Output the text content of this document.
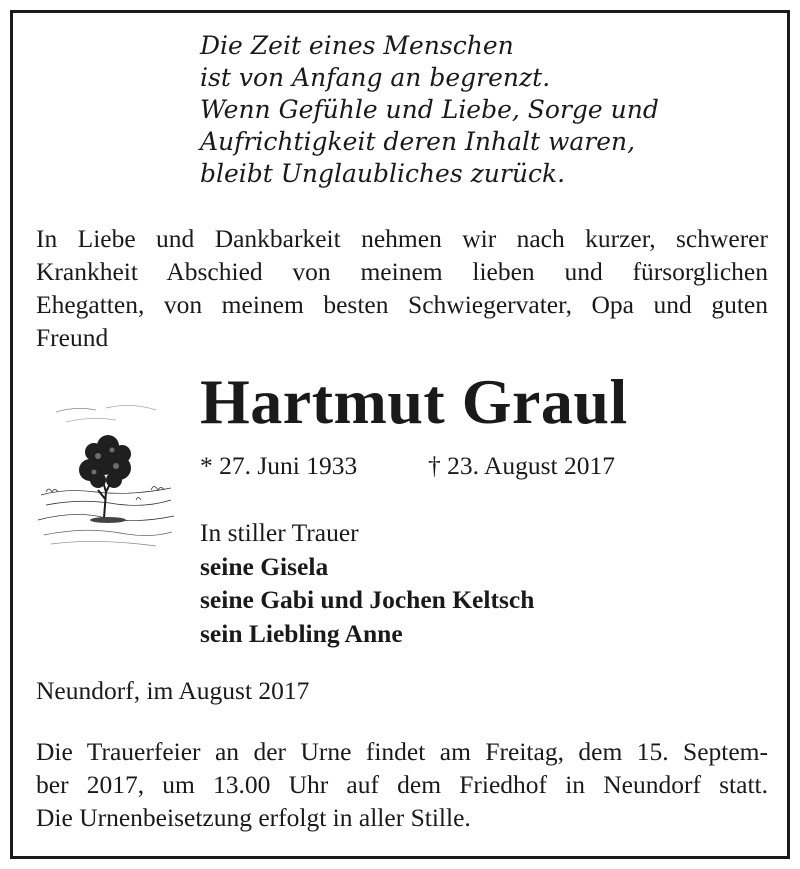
Die Zeit eines Menschen
ist von Anfang an begrenzt.
Wenn Gefühle und Liebe, Sorge und
Aufrichtigkeit deren Inhalt waren,
bleibt Unglaubliches zurück.
In Liebe und Dankbarkeit nehmen wir nach kurzer, schwerer
Krankheit Abschied von meinem lieben und fürsorglichen
Ehegatten, von meinem besten Schwiegervater, Opa und guten
Freund
Hartmut Graul
* 27. Juni 1933	† 23. August 2017
In stiller Trauer
seine Gisela
seine Gabi und Jochen Keltsch
sein Liebling Anne
Neundorf, im August 2017
Die Trauerfeier an der Urne findet am Freitag, dem 15. Septem-
ber 2017, um 13.00 Uhr auf dem Friedhof in Neundorf statt.
Die Urnenbeisetzung erfolgt in aller Stille.
